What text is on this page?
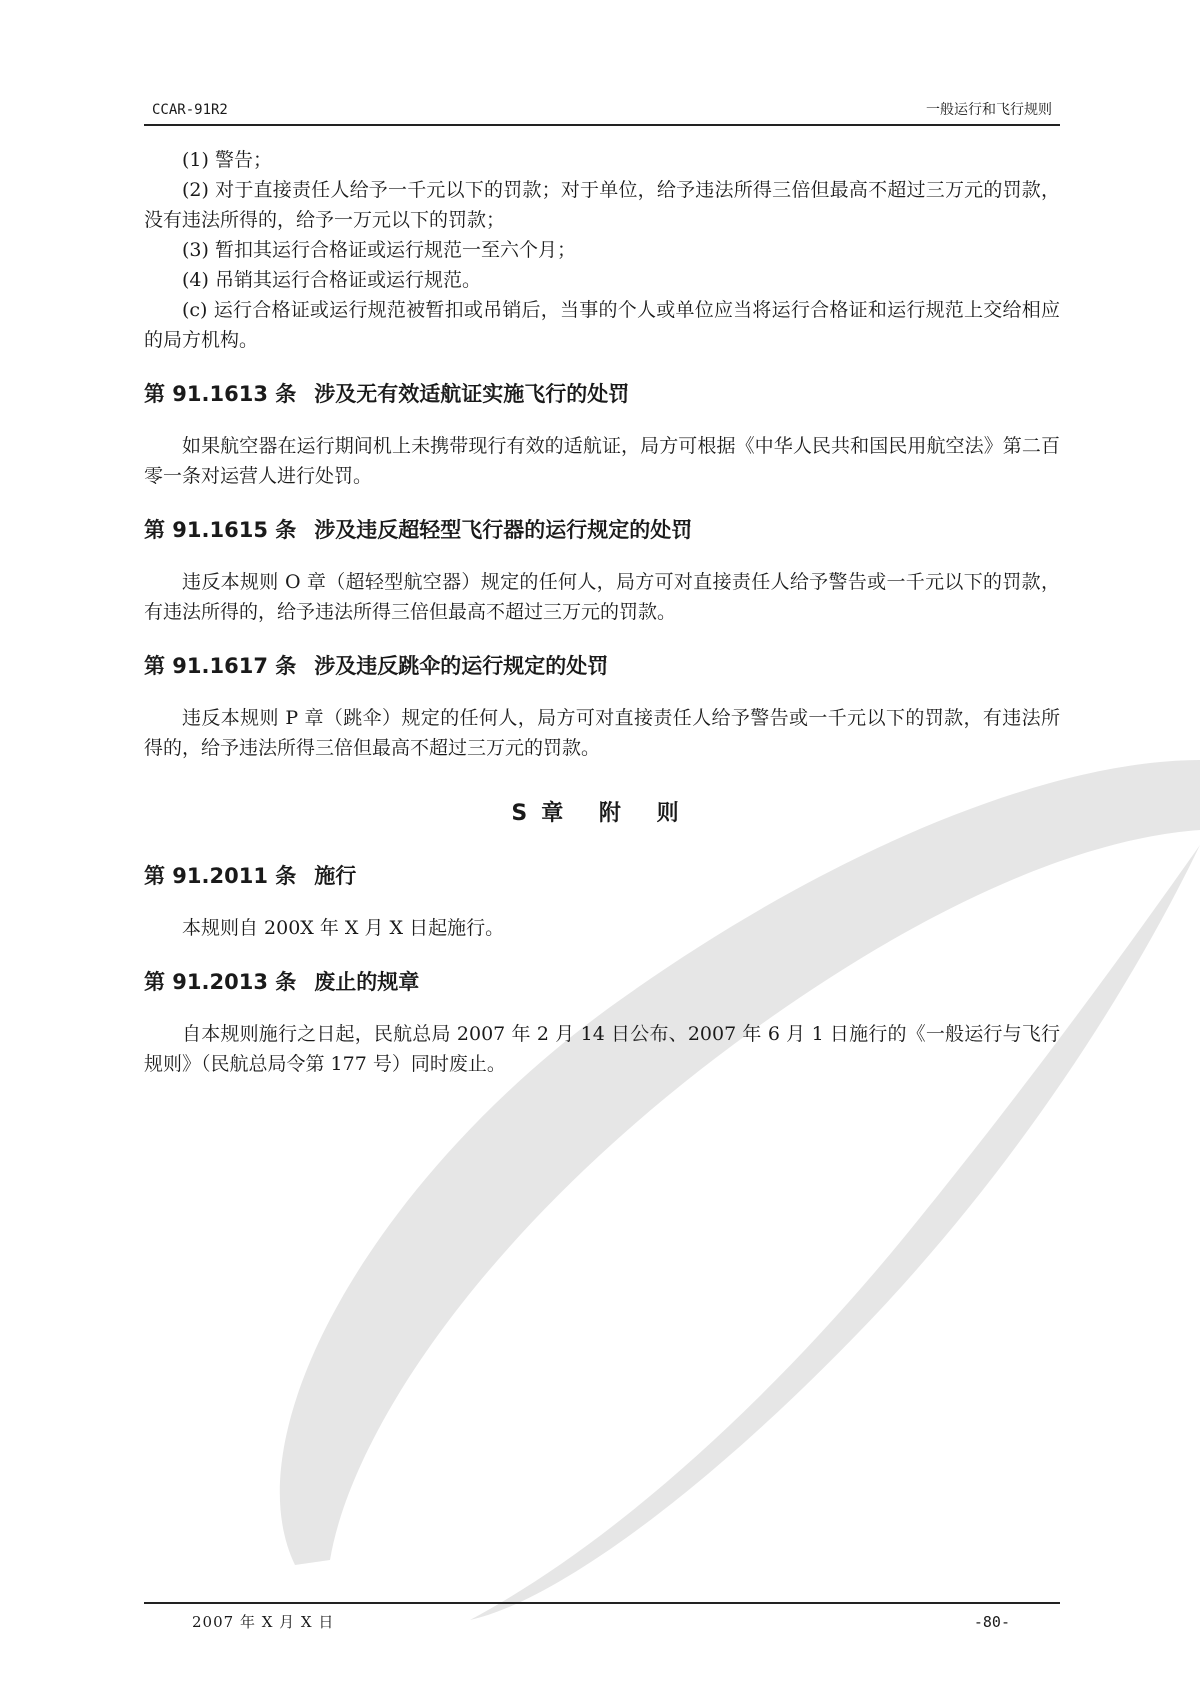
CCAR-91R2	一般运行和飞行规则

(1) 警告；

(2) 对于直接责任人给予一千元以下的罚款；对于单位，给予违法所得三倍但最高不超过三万元的罚款，没有违法所得的，给予一万元以下的罚款；

(3) 暂扣其运行合格证或运行规范一至六个月；

(4) 吊销其运行合格证或运行规范。

(c) 运行合格证或运行规范被暂扣或吊销后，当事的个人或单位应当将运行合格证和运行规范上交给相应的局方机构。

第 91.1613 条 涉及无有效适航证实施飞行的处罚

如果航空器在运行期间机上未携带现行有效的适航证，局方可根据《中华人民共和国民用航空法》第二百零一条对运营人进行处罚。

第 91.1615 条 涉及违反超轻型飞行器的运行规定的处罚

违反本规则 O 章（超轻型航空器）规定的任何人，局方可对直接责任人给予警告或一千元以下的罚款，有违法所得的，给予违法所得三倍但最高不超过三万元的罚款。

第 91.1617 条 涉及违反跳伞的运行规定的处罚

违反本规则 P 章（跳伞）规定的任何人，局方可对直接责任人给予警告或一千元以下的罚款，有违法所得的，给予违法所得三倍但最高不超过三万元的罚款。

S章 附 则
第 91.2011 条 施行

本规则自 200X 年 X 月 X 日起施行。

第 91.2013 条 废止的规章

自本规则施行之日起，民航总局 2007 年 2 月 14 日公布、2007 年 6 月 1 日施行的《一般运行与飞行规则》（民航总局令第 177 号）同时废止。

2007 年 X 月 X 日	-80-
